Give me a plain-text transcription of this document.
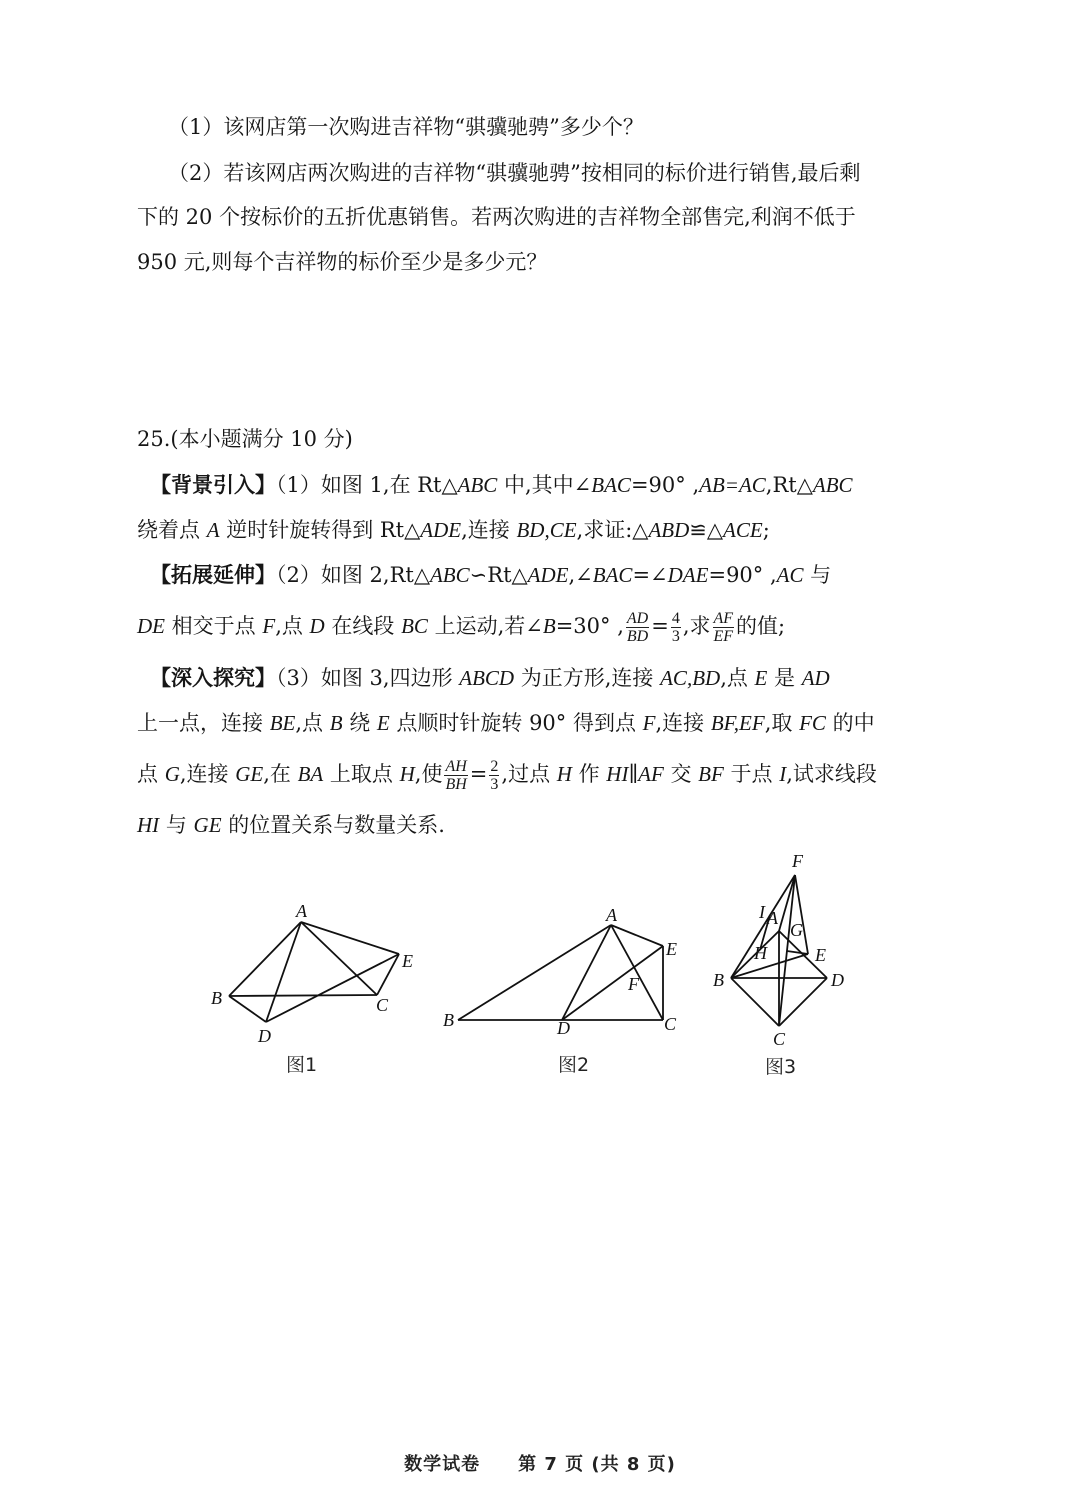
（1）该网店第一次购进吉祥物“骐骥驰骋”多少个？
（2）若该网店两次购进的吉祥物“骐骥驰骋”按相同的标价进行销售,最后剩
下的 20 个按标价的五折优惠销售。若两次购进的吉祥物全部售完,利润不低于
950 元,则每个吉祥物的标价至少是多少元？
25.(本小题满分 10 分)
【背景引入】（1）如图 1,在 Rt△ABC 中,其中∠BAC=90° ,AB=AC,Rt△ABC
绕着点 A 逆时针旋转得到 Rt△ADE,连接 BD,CE,求证:△ABD≌△ACE;
【拓展延伸】（2）如图 2,Rt△ABC∽Rt△ADE,∠BAC=∠DAE=90° ,AC 与
DE 相交于点 F,点 D 在线段 BC 上运动,若∠B=30° , $\frac{AD}{BD} = \frac{4}{3}$ ,求 $\frac{AF}{EF}$ 的值;
【深入探究】（3）如图 3,四边形 ABCD 为正方形,连接 AC,BD,点 E 是 AD
上一点，连接 BE,点 B 绕 E 点顺时针旋转 90° 得到点 F,连接 BF,EF,取 FC 的中
点 G,连接 GE,在 BA 上取点 H,使 $\frac{AH}{BH} = \frac{2}{3}$ ,过点 H 作 HI∥AF 交 BF 于点 I,试求线段
HI 与 GE 的位置关系与数量关系.
A
B	C
D
E
A
B	C
D
E
F
A
B
C
D
E
F
G
H
I
图1	图2	图3
数学试卷　　第 7 页 (共 8 页)
